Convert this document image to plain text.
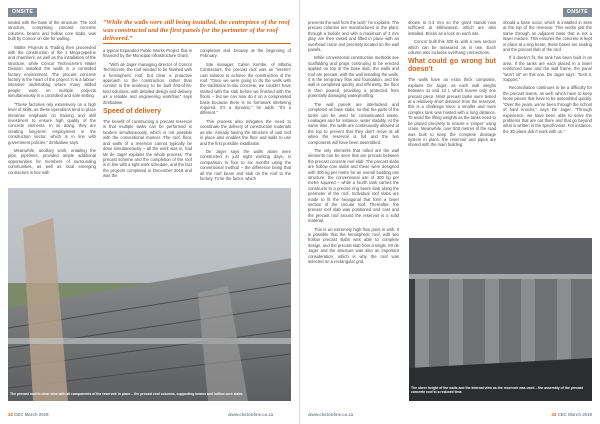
ONSITE	ONSITE

sealed with the base of the structure. The roof structure, comprising precast concrete columns, beams and hollow core slabs, was built by Concor on site for walling.

Walter Projects & Trading then proceeded with the construction of the 1 Mega-pipeline and chambers, as well as the installation of the structure, while Concor Technicrete's Water Division installed the walls in a controlled factory environment. The precast concrete factory is the heart of the project. It is a labour-intensive undertaking where many skilled people work on multiple projects simultaneously in a controlled and safe setting.

“These factories rely extensively on a high level of skills, as these operations tend to place immense emphasis on training and skill investment to ensure high quality of the concrete elements. In so doing, they are creating long-term employment in the construction sector, which is in line with government policies,” Zimbabwe says.

Meanwhile, ancillary work, entailing the pipe, pipelines, provided ample additional opportunities for members of surrounding communities, as well as local emerging contractors in line with

“While the walls were still being installed, the centrepiece of the roof was constructed and the first panels for the perimeter of the roof delivered.”

a typical Expanded Public Works Project that is financed by the Municipal Infrastructure Grant.

“With de Jager managing director of Concor Technicrete, the roof needed to be finished with a hemispheric roof, but clear a proactive approach to the construction, rather than commit to the tendency to be built first-of-its-kind solutions, with detailed design and delivery as a reliable and engineering workflow,” says Zimbabwe.

Speed of delivery

The benefit of constructing a precast reservoir is that multiple tasks can be performed in tandem simultaneously, which is not possible with the conventional manner. The roof, floor, and walls of a reservoir cannot typically be done simultaneously – all the work was in, had Mr de Jager explains the whole process. The precast scheme and the completion of the roof is in line with a tight work schedule, and the fact the projects completed in December 2018 and was the

completion and January at the beginning of February.

Site manager, Calvin Kombe, of Mbuba Contractors, the precast roof was an “interim” cast solution to achieve the construction of the roof. “Once we were going to do the walls with the traditional in-situ concrete, we couldn’t have started with the slab before we finished with the floors – but we can now do it on a compressed basis because there is no formwork sheltering required. It’s a dynamic,” he adds. “It’s a different.”

This process also mitigates the need to coordinate the delivery of construction materials as site. Already having the structure of cast roof in place also enables the floor and walls to use and the first possible installation.

De Jager says the walls alone were constructed in just eight working days, in comparison to four to six months using the conventional method – the difference being that all the roof beam and slab on the roof to the factory. To tie the factor, which

The precast roof in clear view with all components of the reservoir in place – the precast roof columns, supporting beams and hollow core slabs.

prevents the wall from the wall,” he explains. The precast columns are manufactured in the plant, through a builder and with a maximum of 3 mm play, are then raised and lifted in place with an overhead crane and precisely located on the wall panels.

While conventional construction methods see scaffolding and props continuing to be erected applied on top of the base slab, the walls and roof are precast, with the wall installing the walls, it is the temporary flow and foundation, and the wall is completed quickly and efficiently, the floor is then poured, providing a protected from potentially damaging waterproofing.

The wall panels are interlocked and completed as base slabs, so that the parts of the tanks can be used for contaminated waste. Leakages and for instance, water stability. At the same time, the walls are continuously allowed at the top to prevent that they don’t move at all when the reservoir is full and the two components will have been assembled.

The only elements that rolled are the wall elements can be seen that are precast between the precast concrete roof slab. The precast slabs are hollow core slabs and these were designed with 300 kg per metre for an overall building use structure; the conventional use of 300 kg per metre squared – while a fourth tank carries the constructs to a precise ring beam slab along the perimeter of the roof. Individual roof slabs are made to fit the hexagonal that form a lower section of the circular roof. Thereafter, the precast roof slab was positioned and cast and the precast roof around the reservoir is a solid material.

This is an extremely high-flow point in with. It is possible that the hemispheric roof, with two hollow precast slabs was able to complete design, and the precast slab from a single. Mr de Jager and the structure was also an important consideration, which is why the roof was selected on a rectangular grid.

shown to 0.3 mm so the grant stands now sufficient at Mkhwanazi, which are also installed. Bricks as a lock on each site.

Concor built this 400 kL with a new section which can be measured as in use. Each column also includes overhang connections.

What could go wrong but doesn’t

The walls have an extra thick composite, explains De Jager, as each wall weighs between 11 and 13 t, which leaves only one precast piece. Most precast tanks were tested at a relatively short distance from the reservoir, this is a challenge since a smaller and more complex tank was hosted with a long distance. To avoid the lifting weights as the tanks need to be placed precisely to ensure a ‘proper’ using crane. Meanwhile, over 500 metres of the road was built to keep the complete drainage system in place, the reservoir and pipes are shared with the main building.

should a base occur, which is installed in sites at the top of the reservoir. This works just the same through an adjacent base that is not a lower mixture. This ensures the concrete is kept in place at a ring beam, these bases are sealing and the precast slab of the roof.

If it doesn’t fit, the tank has been built in an area. If the tanks are each placed in a lower reinforced base and the wall frame, the panel “won’t sit” on this one. De Jager says: “Sent it. Support.”

Reconciliation continues to be a difficulty for the precast teams, as well, which have to keep loose pieces that have to be assembled quickly. “Over the years, we’ve been through the school of hard knocks,” says De Jager. “Through experience, we have been able to solve the problems that are out there and that go beyond what is written in the specification. For instance, the 3D plans didn’t work with us.”

The sheer height of the walls and the internal view as the reservoir was used – the assembly of the precast concrete roof in a reduced time.
32 CEC March 2019	www.ckstonline.co.za	www.ckstonline.co.za	33 CEC March 2019
